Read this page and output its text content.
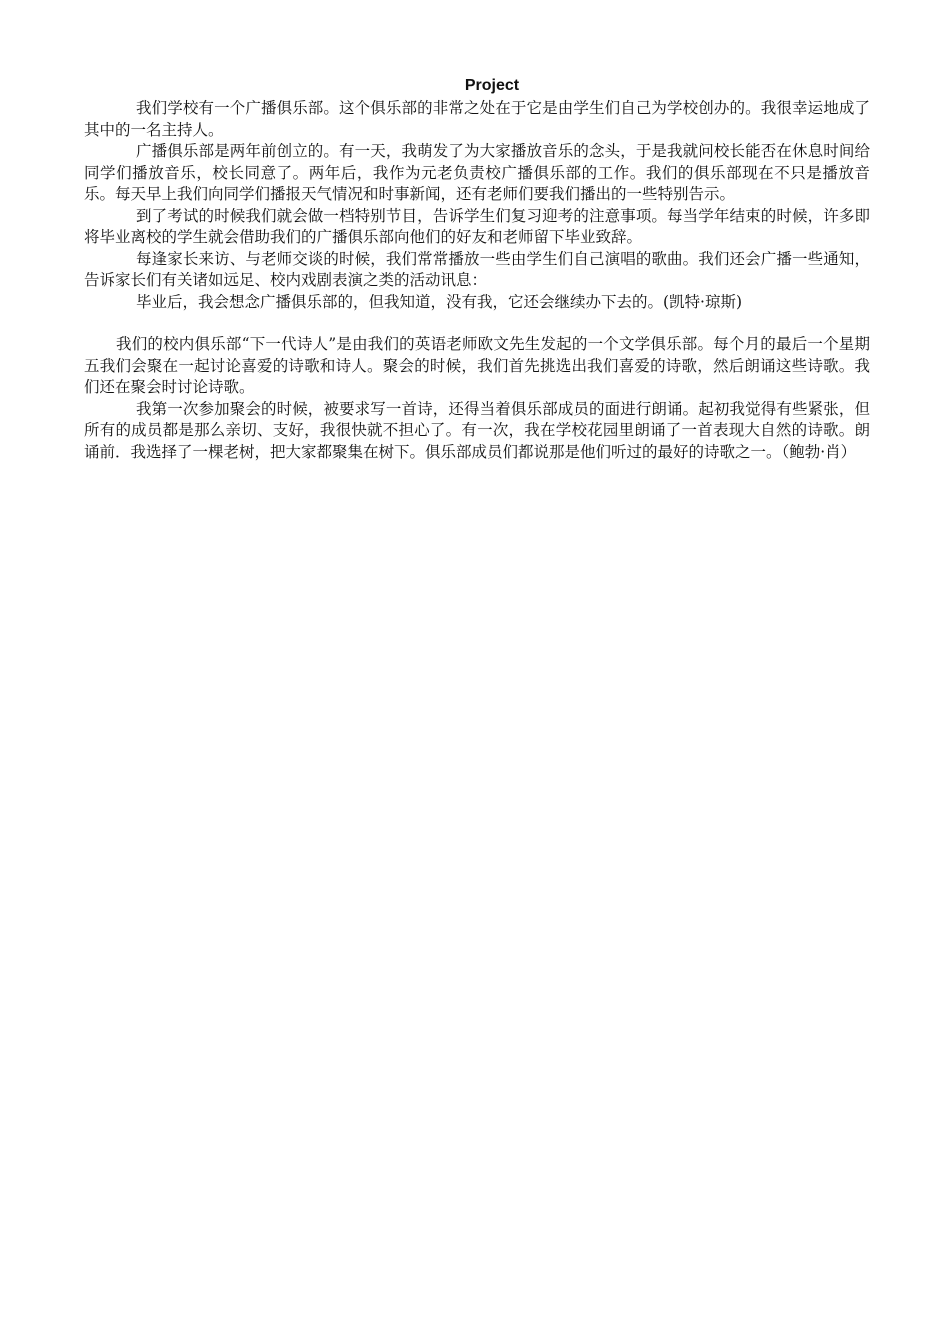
Project

我们学校有一个广播俱乐部。这个俱乐部的非常之处在于它是由学生们自己为学校创办的。我很幸运地成了其中的一名主持人。

广播俱乐部是两年前创立的。有一天，我萌发了为大家播放音乐的念头，于是我就问校长能否在休息时间给同学们播放音乐，校长同意了。两年后，我作为元老负责校广播俱乐部的工作。我们的俱乐部现在不只是播放音乐。每天早上我们向同学们播报天气情况和时事新闻，还有老师们要我们播出的一些特别告示。

到了考试的时候我们就会做一档特别节目，告诉学生们复习迎考的注意事项。每当学年结束的时候，许多即将毕业离校的学生就会借助我们的广播俱乐部向他们的好友和老师留下毕业致辞。

每逢家长来访、与老师交谈的时候，我们常常播放一些由学生们自己演唱的歌曲。我们还会广播一些通知，告诉家长们有关诸如远足、校内戏剧表演之类的活动讯息：

毕业后，我会想念广播俱乐部的，但我知道，没有我，它还会继续办下去的。(凯特·琼斯)

我们的校内俱乐部“下一代诗人”是由我们的英语老师欧文先生发起的一个文学俱乐部。每个月的最后一个星期五我们会聚在一起讨论喜爱的诗歌和诗人。聚会的时候，我们首先挑选出我们喜爱的诗歌，然后朗诵这些诗歌。我们还在聚会时讨论诗歌。

我第一次参加聚会的时候，被要求写一首诗，还得当着俱乐部成员的面进行朗诵。起初我觉得有些紧张，但所有的成员都是那么亲切、支好，我很快就不担心了。有一次，我在学校花园里朗诵了一首表现大自然的诗歌。朗诵前．我选择了一棵老树，把大家都聚集在树下。俱乐部成员们都说那是他们听过的最好的诗歌之一。（鲍勃·肖）
